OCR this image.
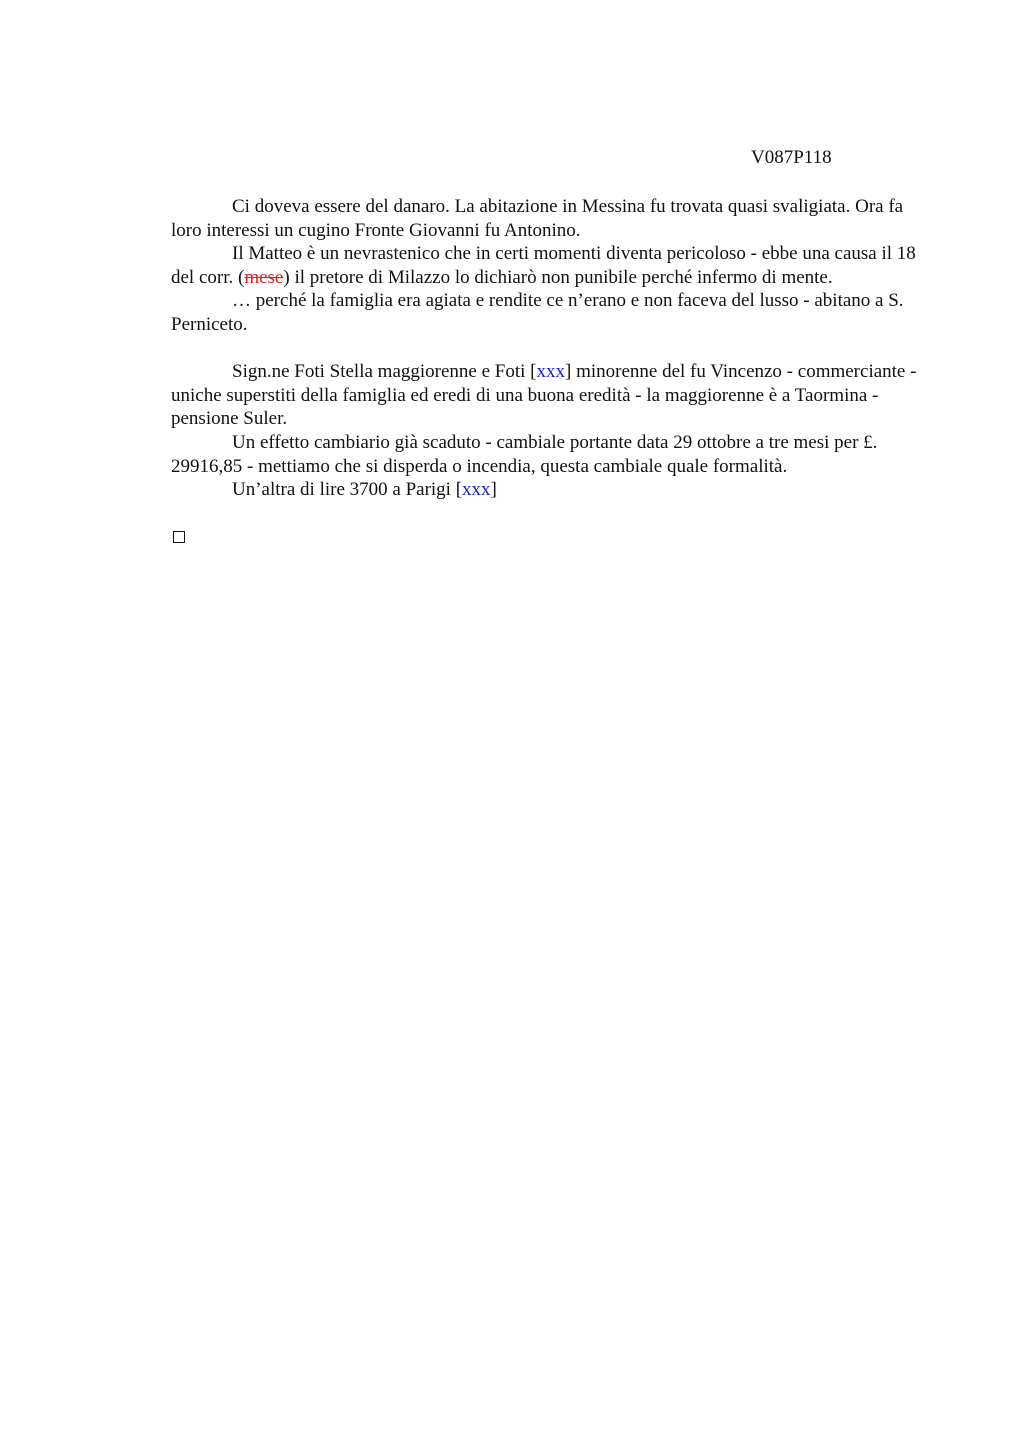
V087P118

Ci doveva essere del danaro. La abitazione in Messina fu trovata quasi svaligiata. Ora fa loro interessi un cugino Fronte Giovanni fu Antonino.

Il Matteo è un nevrastenico che in certi momenti diventa pericoloso - ebbe una causa il 18 del corr. (mese) il pretore di Milazzo lo dichiarò non punibile perché infermo di mente.

… perché la famiglia era agiata e rendite ce n’erano e non faceva del lusso - abitano a S. Perniceto.

Sign.ne Foti Stella maggiorenne e Foti [xxx] minorenne del fu Vincenzo - commerciante - uniche superstiti della famiglia ed eredi di una buona eredità - la maggiorenne è a Taormina - pensione Suler.

Un effetto cambiario già scaduto - cambiale portante data 29 ottobre a tre mesi per £. 29916,85 - mettiamo che si disperda o incendia, questa cambiale quale formalità.

Un’altra di lire 3700 a Parigi [xxx]
